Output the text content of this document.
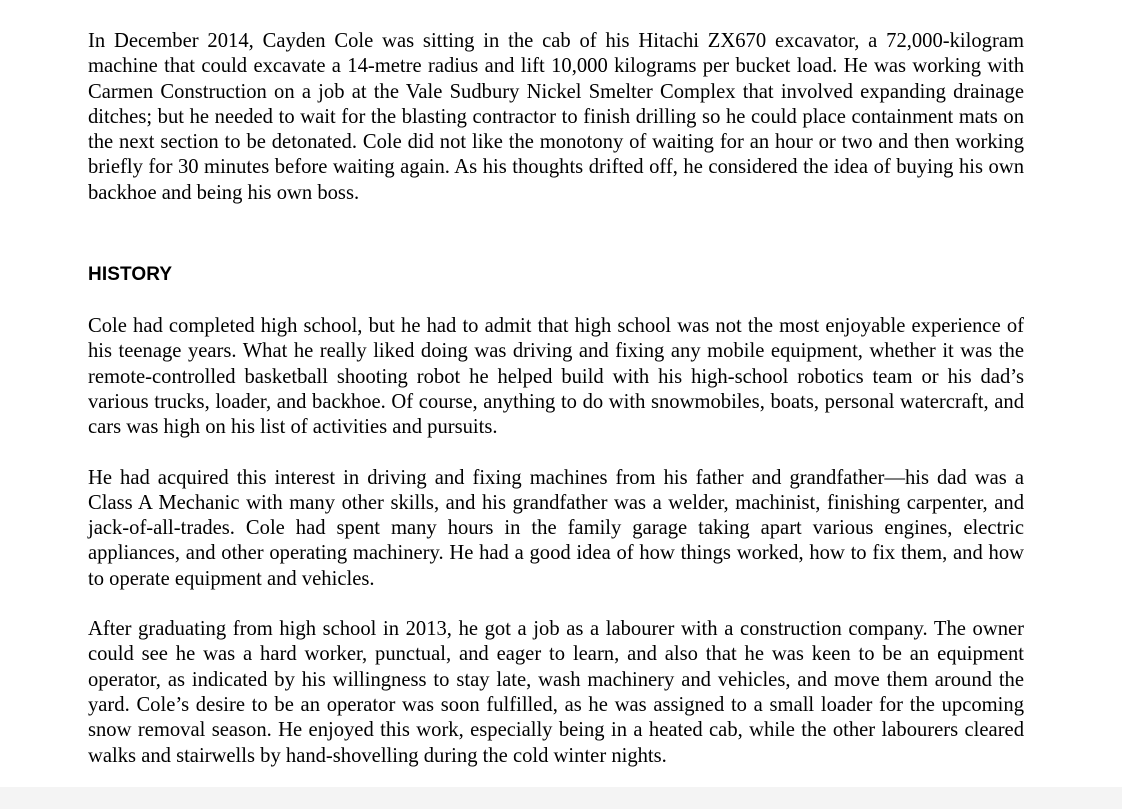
In December 2014, Cayden Cole was sitting in the cab of his Hitachi ZX670 excavator, a 72,000-kilogram machine that could excavate a 14-metre radius and lift 10,000 kilograms per bucket load. He was working with Carmen Construction on a job at the Vale Sudbury Nickel Smelter Complex that involved expanding drainage ditches; but he needed to wait for the blasting contractor to finish drilling so he could place containment mats on the next section to be detonated. Cole did not like the monotony of waiting for an hour or two and then working briefly for 30 minutes before waiting again. As his thoughts drifted off, he considered the idea of buying his own backhoe and being his own boss.

HISTORY

Cole had completed high school, but he had to admit that high school was not the most enjoyable experience of his teenage years. What he really liked doing was driving and fixing any mobile equipment, whether it was the remote-controlled basketball shooting robot he helped build with his high-school robotics team or his dad’s various trucks, loader, and backhoe. Of course, anything to do with snowmobiles, boats, personal watercraft, and cars was high on his list of activities and pursuits.

He had acquired this interest in driving and fixing machines from his father and grandfather—his dad was a Class A Mechanic with many other skills, and his grandfather was a welder, machinist, finishing carpenter, and jack-of-all-trades. Cole had spent many hours in the family garage taking apart various engines, electric appliances, and other operating machinery. He had a good idea of how things worked, how to fix them, and how to operate equipment and vehicles.

After graduating from high school in 2013, he got a job as a labourer with a construction company. The owner could see he was a hard worker, punctual, and eager to learn, and also that he was keen to be an equipment operator, as indicated by his willingness to stay late, wash machinery and vehicles, and move them around the yard. Cole’s desire to be an operator was soon fulfilled, as he was assigned to a small loader for the upcoming snow removal season. He enjoyed this work, especially being in a heated cab, while the other labourers cleared walks and stairwells by hand-shovelling during the cold winter nights.
